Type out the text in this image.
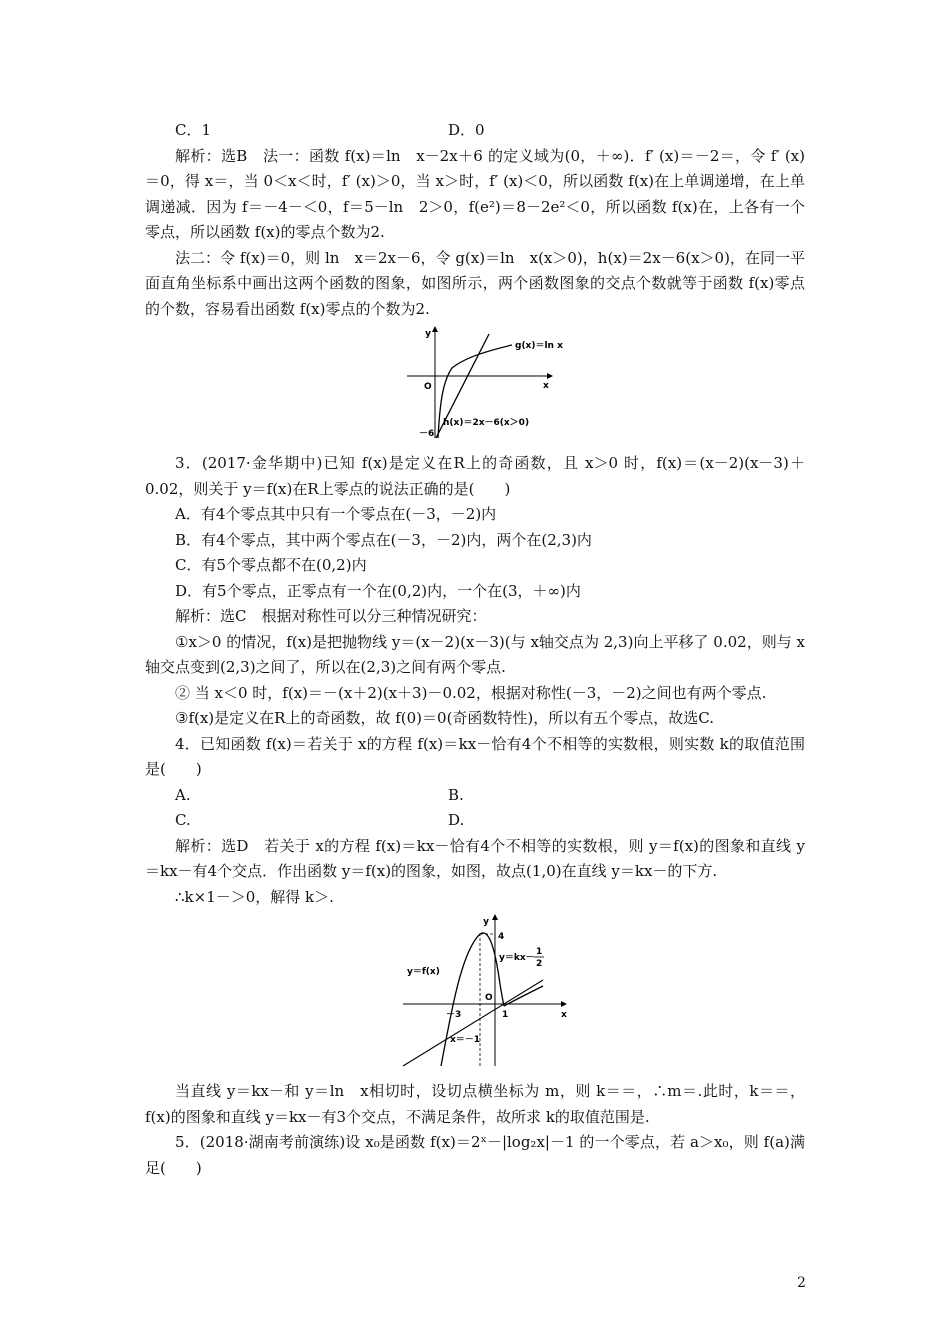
C．1	D．0

解析：选B　法一：函数 f(x)＝ln　x－2x＋6 的定义域为(0，＋∞)．f′ (x)＝－2＝，令 f′ (x)＝0，得 x＝，当 0＜x＜时，f′ (x)＞0，当 x＞时，f′ (x)＜0，所以函数 f(x)在上单调递增，在上单调递减．因为 f＝－4－＜0，f＝5－ln　2＞0，f(e²)＝8－2e²＜0，所以函数 f(x)在，上各有一个零点，所以函数 f(x)的零点个数为2.

法二：令 f(x)＝0，则 ln　x＝2x－6，令 g(x)＝ln　x(x＞0)，h(x)＝2x－6(x＞0)，在同一平面直角坐标系中画出这两个函数的图象，如图所示，两个函数图象的交点个数就等于函数 f(x)零点的个数，容易看出函数 f(x)零点的个数为2.

y
x
O
g(x)＝ln x
h(x)＝2x－6(x＞0)
－6

3．(2017·金华期中)已知 f(x)是定义在R上的奇函数，且 x＞0 时，f(x)＝(x－2)(x－3)＋0.02，则关于 y＝f(x)在R上零点的说法正确的是(　　)

A．有4个零点其中只有一个零点在(－3，－2)内

B．有4个零点，其中两个零点在(－3，－2)内，两个在(2,3)内

C．有5个零点都不在(0,2)内

D．有5个零点，正零点有一个在(0,2)内，一个在(3，＋∞)内

解析：选C　根据对称性可以分三种情况研究：

①x＞0 的情况，f(x)是把抛物线 y＝(x－2)(x－3)(与 x轴交点为 2,3)向上平移了 0.02，则与 x轴交点变到(2,3)之间了，所以在(2,3)之间有两个零点.

② 当 x＜0 时，f(x)＝－(x＋2)(x＋3)－0.02，根据对称性(－3，－2)之间也有两个零点.

③f(x)是定义在R上的奇函数，故 f(0)＝0(奇函数特性)，所以有五个零点，故选C.

4．已知函数 f(x)＝若关于 x的方程 f(x)＝kx－恰有4个不相等的实数根，则实数 k的取值范围是(　　)

A.	B.
C.	D.

解析：选D　若关于 x的方程 f(x)＝kx－恰有4个不相等的实数根，则 y＝f(x)的图象和直线 y＝kx－有4个交点．作出函数 y＝f(x)的图象，如图，故点(1,0)在直线 y＝kx－的下方.

∴k×1－＞0，解得 k＞.

y
x
O
4
1
－3
y＝f(x)
y＝kx－
1
2
x＝－1

当直线 y＝kx－和 y＝ln　x相切时，设切点横坐标为 m，则 k＝＝，∴m＝.此时，k＝＝，f(x)的图象和直线 y＝kx－有3个交点，不满足条件，故所求 k的取值范围是.

5．(2018·湖南考前演练)设 x₀是函数 f(x)＝2ˣ－|log₂x|－1 的一个零点，若 a＞x₀，则 f(a)满足(　　)

2
